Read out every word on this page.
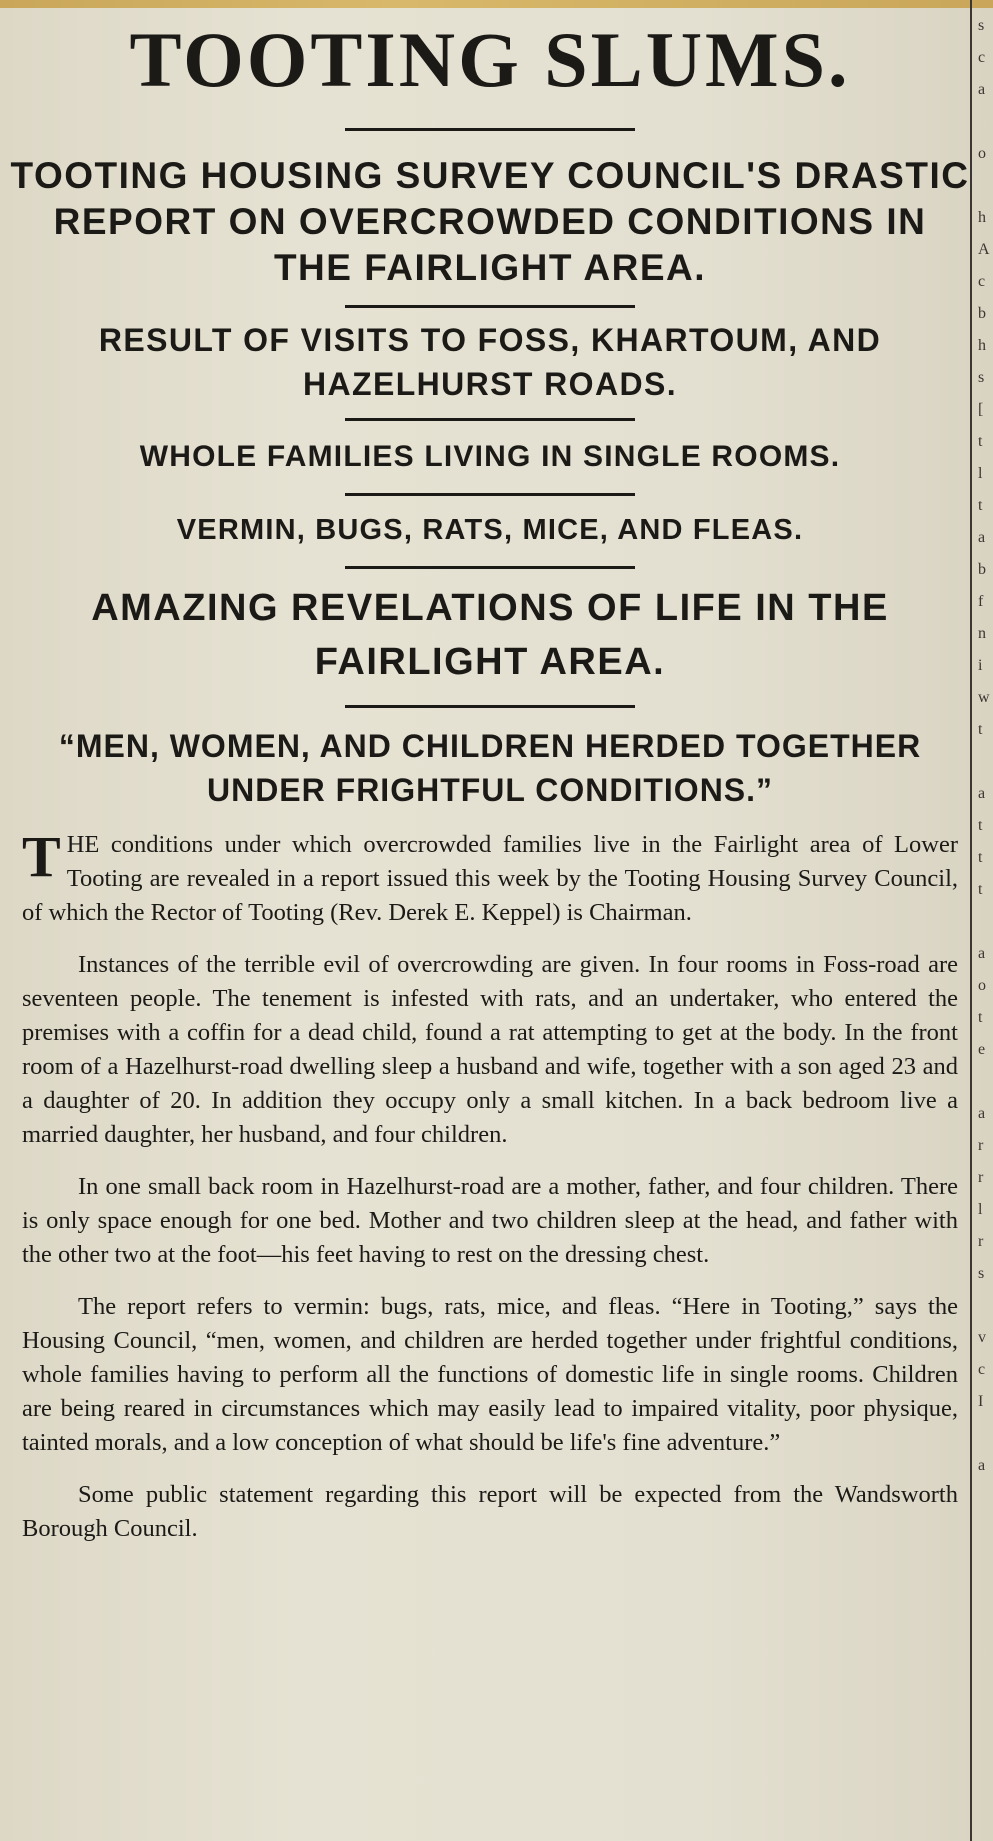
TOOTING SLUMS.

TOOTING HOUSING SURVEY COUNCIL'S DRASTIC REPORT ON OVERCROWDED CONDITIONS IN THE FAIRLIGHT AREA.

RESULT OF VISITS TO FOSS, KHARTOUM, AND HAZELHURST ROADS.

WHOLE FAMILIES LIVING IN SINGLE ROOMS.

VERMIN, BUGS, RATS, MICE, AND FLEAS.

AMAZING REVELATIONS OF LIFE IN THE FAIRLIGHT AREA.

“MEN, WOMEN, AND CHILDREN HERDED TOGETHER UNDER FRIGHTFUL CONDITIONS.”

THE conditions under which overcrowded families live in the Fairlight area of Lower Tooting are revealed in a report issued this week by the Tooting Housing Survey Council, of which the Rector of Tooting (Rev. Derek E. Keppel) is Chairman.

Instances of the terrible evil of overcrowding are given. In four rooms in Foss-road are seventeen people. The tenement is infested with rats, and an undertaker, who entered the premises with a coffin for a dead child, found a rat attempting to get at the body. In the front room of a Hazelhurst-road dwelling sleep a husband and wife, together with a son aged 23 and a daughter of 20. In addition they occupy only a small kitchen. In a back bedroom live a married daughter, her husband, and four children.

In one small back room in Hazelhurst-road are a mother, father, and four children. There is only space enough for one bed. Mother and two children sleep at the head, and father with the other two at the foot—his feet having to rest on the dressing chest.

The report refers to vermin: bugs, rats, mice, and fleas. “Here in Tooting,” says the Housing Council, “men, women, and children are herded together under frightful conditions, whole families having to perform all the functions of domestic life in single rooms. Children are being reared in circumstances which may easily lead to impaired vitality, poor physique, tainted morals, and a low conception of what should be life's fine adventure.”

Some public statement regarding this report will be expected from the Wandsworth Borough Council.

s
c
a
o
h
A
c
b
h
s
[
t
l
t
a
b
f
n
i
w
t
a
t
t
t
a
o
t
e
a
r
r
l
r
s
v
c
I
a
